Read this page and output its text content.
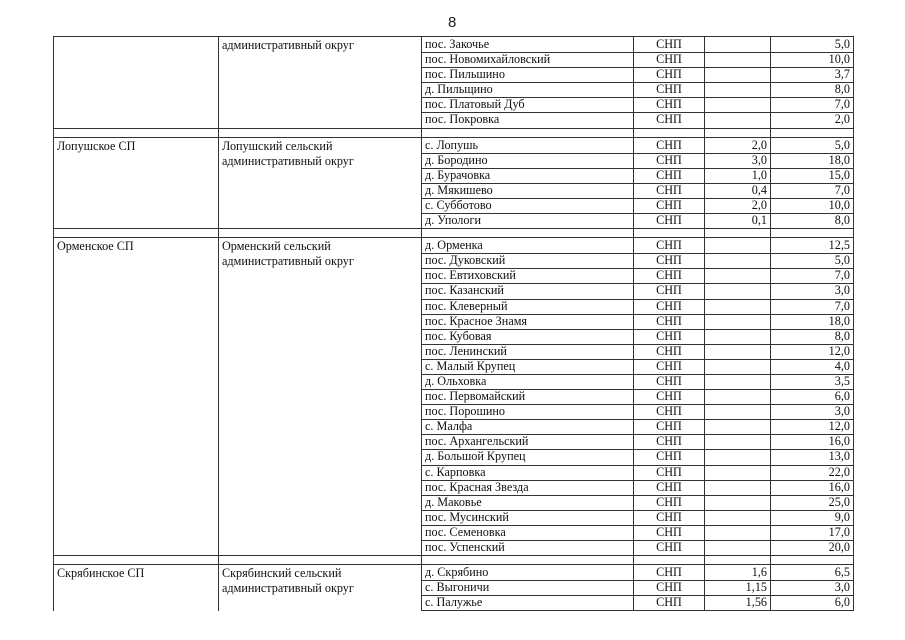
8
	административный округ	пос. Закочье	СНП		5,0
		пос. Новомихайловский	СНП		10,0
		пос. Пильшино	СНП		3,7
		д. Пильщино	СНП		8,0
		пос. Платовый Дуб	СНП		7,0
		пос. Покровка	СНП		2,0

Лопушское СП	Лопушский сельский административный округ	с. Лопушь	СНП	2,0	5,0
		д. Бородино	СНП	3,0	18,0
		д. Бурачовка	СНП	1,0	15,0
		д. Мякишево	СНП	0,4	7,0
		с. Субботово	СНП	2,0	10,0
		д. Упологи	СНП	0,1	8,0

Орменское СП	Орменский сельский административный округ	д. Орменка	СНП		12,5
		пос. Дуковский	СНП		5,0
		пос. Евтиховский	СНП		7,0
		пос. Казанский	СНП		3,0
		пос. Клеверный	СНП		7,0
		пос. Красное Знамя	СНП		18,0
		пос. Кубовая	СНП		8,0
		пос. Ленинский	СНП		12,0
		с. Малый Крупец	СНП		4,0
		д. Ольховка	СНП		3,5
		пос. Первомайский	СНП		6,0
		пос. Порошино	СНП		3,0
		с. Малфа	СНП		12,0
		пос. Архангельский	СНП		16,0
		д. Большой Крупец	СНП		13,0
		с. Карповка	СНП		22,0
		пос. Красная Звезда	СНП		16,0
		д. Маковье	СНП		25,0
		пос. Мусинский	СНП		9,0
		пос. Семеновка	СНП		17,0
		пос. Успенский	СНП		20,0

Скрябинское СП	Скрябинский сельский административный округ	д. Скрябино	СНП	1,6	6,5
		с. Выгоничи	СНП	1,15	3,0
		с. Палужье	СНП	1,56	6,0
